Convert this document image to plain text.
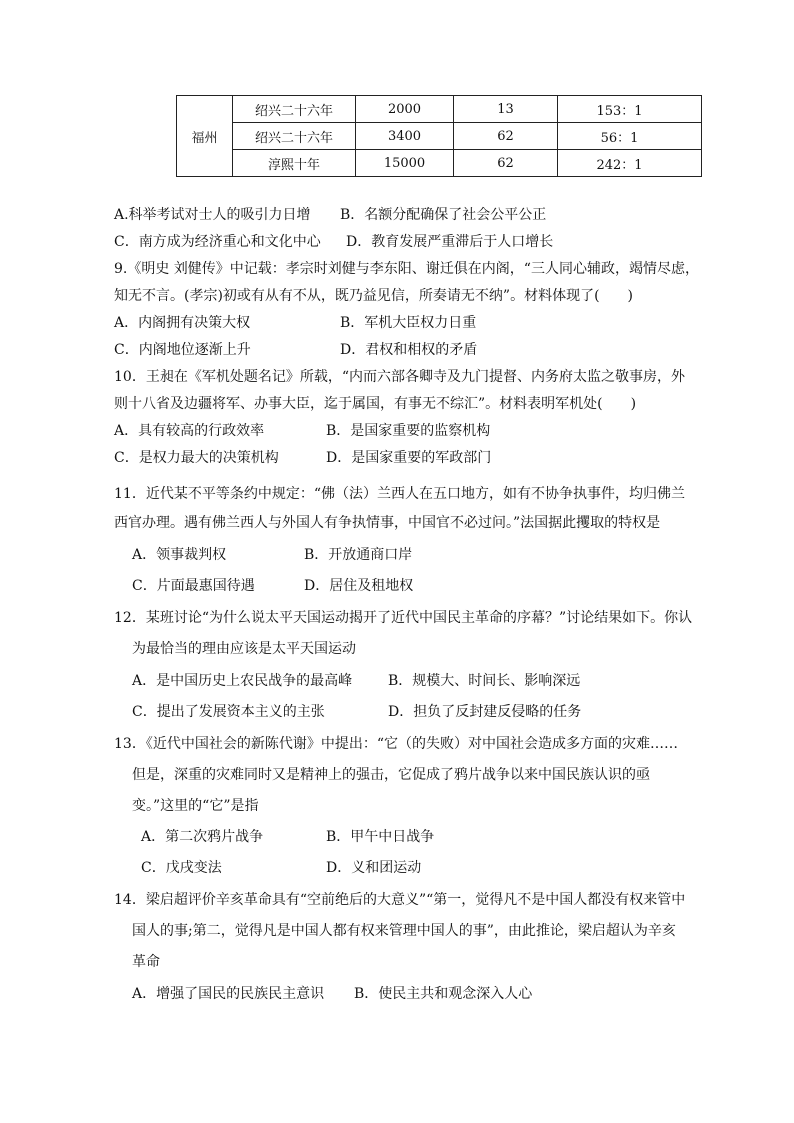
福州	绍兴二十六年	2000	13	153：1
	绍兴二十六年	3400	62	56：1
	淳熙十年	15000	62	242：1
A.科举考试对士人的吸引力日增 B．名额分配确保了社会公平公正
C．南方成为经济重心和文化中心 D．教育发展严重滞后于人口增长
9.《明史 刘健传》中记载：孝宗时刘健与李东阳、谢迁俱在内阁，“三人同心辅政，竭情尽虑，
知无不言。(孝宗)初或有从有不从，既乃益见信，所奏请无不纳”。材料体现了(　　)
A．内阁拥有决策大权	B．军机大臣权力日重
C．内阁地位逐渐上升	D．君权和相权的矛盾
10．王昶在《军机处题名记》所载，“内而六部各卿寺及九门提督、内务府太监之敬事房，外
则十八省及边疆将军、办事大臣，迄于属国，有事无不综汇”。材料表明军机处(　　)
A．具有较高的行政效率	B．是国家重要的监察机构
C．是权力最大的决策机构	D．是国家重要的军政部门
11．近代某不平等条约中规定：“佛（法）兰西人在五口地方，如有不协争执事件，均归佛兰
西官办理。遇有佛兰西人与外国人有争执情事，中国官不必过问。”法国据此攫取的特权是
A．领事裁判权	B．开放通商口岸
C．片面最惠国待遇	D．居住及租地权
12．某班讨论“为什么说太平天国运动揭开了近代中国民主革命的序幕？”讨论结果如下。你认
为最恰当的理由应该是太平天国运动
A．是中国历史上农民战争的最高峰	B．规模大、时间长、影响深远
C．提出了发展资本主义的主张	D．担负了反封建反侵略的任务
13．《近代中国社会的新陈代谢》中提出：“它（的失败）对中国社会造成多方面的灾难……
但是，深重的灾难同时又是精神上的强击，它促成了鸦片战争以来中国民族认识的亟
变。”这里的“它”是指
A．第二次鸦片战争	B．甲午中日战争
C．戊戌变法	D．义和团运动
14．梁启超评价辛亥革命具有“空前绝后的大意义”“第一，觉得凡不是中国人都没有权来管中
国人的事;第二，觉得凡是中国人都有权来管理中国人的事”，由此推论，梁启超认为辛亥
革命
A．增强了国民的民族民主意识 B．使民主共和观念深入人心
